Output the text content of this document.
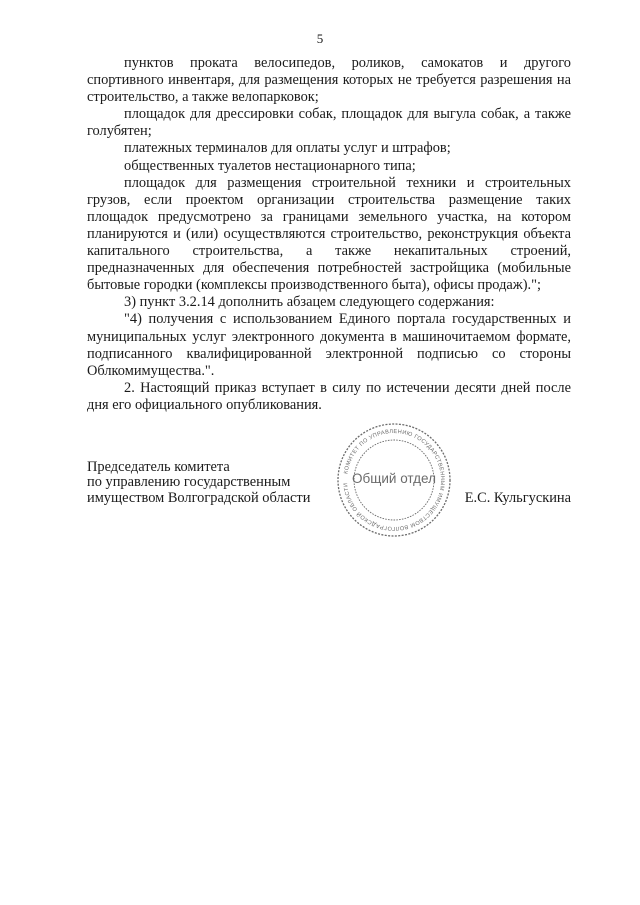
5

пунктов проката велосипедов, роликов, самокатов и другого спортивного инвентаря, для размещения которых не требуется разрешения на строительство, а также велопарковок;

площадок для дрессировки собак, площадок для выгула собак, а также голубятен;

платежных терминалов для оплаты услуг и штрафов;

общественных туалетов нестационарного типа;

площадок для размещения строительной техники и строительных грузов, если проектом организации строительства размещение таких площадок предусмотрено за границами земельного участка, на котором планируются и (или) осуществляются строительство, реконструкция объекта капитального строительства, а также некапитальных строений, предназначенных для обеспечения потребностей застройщика (мобильные бытовые городки (комплексы производственного быта), офисы продаж).";

3) пункт 3.2.14 дополнить абзацем следующего содержания:

"4) получения с использованием Единого портала государственных и муниципальных услуг электронного документа в машиночитаемом формате, подписанного квалифицированной электронной подписью со стороны Облкомимущества.".

2. Настоящий приказ вступает в силу по истечении десяти дней после дня его официального опубликования.

Председатель комитета
по управлению государственным
имуществом Волгоградской области
КОМИТЕТ ПО УПРАВЛЕНИЮ ГОСУДАРСТВЕННЫМ ИМУЩЕСТВОМ ВОЛГОГРАДСКОЙ ОБЛАСТИ Общий отдел
Е.С. Кульгускина
